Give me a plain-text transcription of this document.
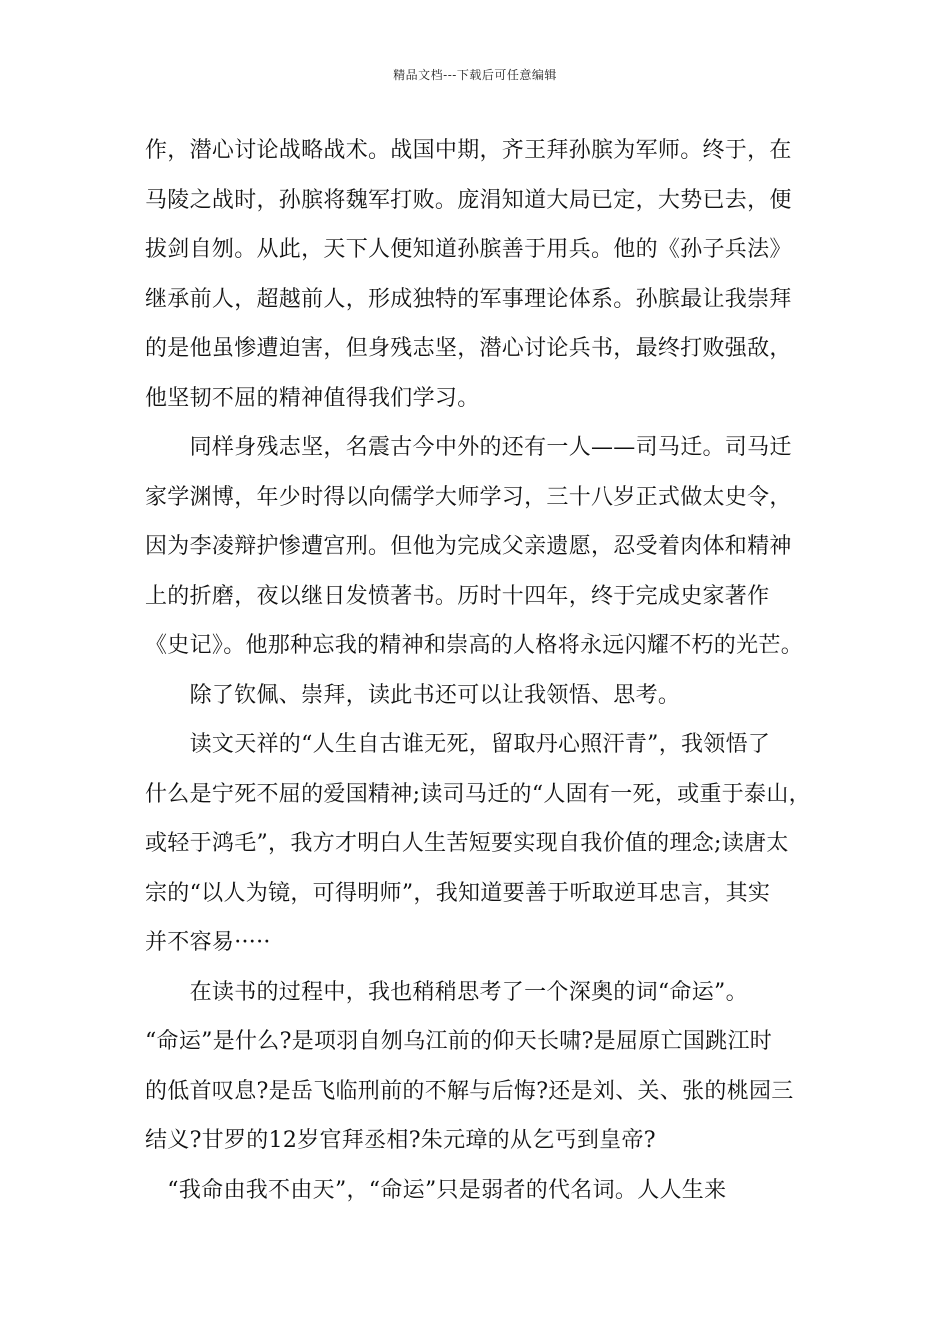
精品文档---下载后可任意编辑
作，潜心讨论战略战术。战国中期，齐王拜孙膑为军师。终于，在
马陵之战时，孙膑将魏军打败。庞涓知道大局已定，大势已去，便
拔剑自刎。从此，天下人便知道孙膑善于用兵。他的《孙子兵法》
继承前人，超越前人，形成独特的军事理论体系。孙膑最让我崇拜
的是他虽惨遭迫害，但身残志坚，潜心讨论兵书，最终打败强敌，
他坚韧不屈的精神值得我们学习。
　　同样身残志坚，名震古今中外的还有一人——司马迁。司马迁
家学渊博，年少时得以向儒学大师学习，三十八岁正式做太史令，
因为李凌辩护惨遭宫刑。但他为完成父亲遗愿，忍受着肉体和精神
上的折磨，夜以继日发愤著书。历时十四年，终于完成史家著作
《史记》。他那种忘我的精神和崇高的人格将永远闪耀不朽的光芒。
　　除了钦佩、崇拜，读此书还可以让我领悟、思考。
　　读文天祥的“人生自古谁无死，留取丹心照汗青”，我领悟了
什么是宁死不屈的爱国精神;读司马迁的“人固有一死，或重于泰山，
或轻于鸿毛”，我方才明白人生苦短要实现自我价值的理念;读唐太
宗的“以人为镜，可得明师”，我知道要善于听取逆耳忠言，其实
并不容易·····
　　在读书的过程中，我也稍稍思考了一个深奥的词“命运”。
“命运”是什么?是项羽自刎乌江前的仰天长啸?是屈原亡国跳江时
的低首叹息?是岳飞临刑前的不解与后悔?还是刘、关、张的桃园三
结义?甘罗的12岁官拜丞相?朱元璋的从乞丐到皇帝?
　“我命由我不由天”，“命运”只是弱者的代名词。人人生来
